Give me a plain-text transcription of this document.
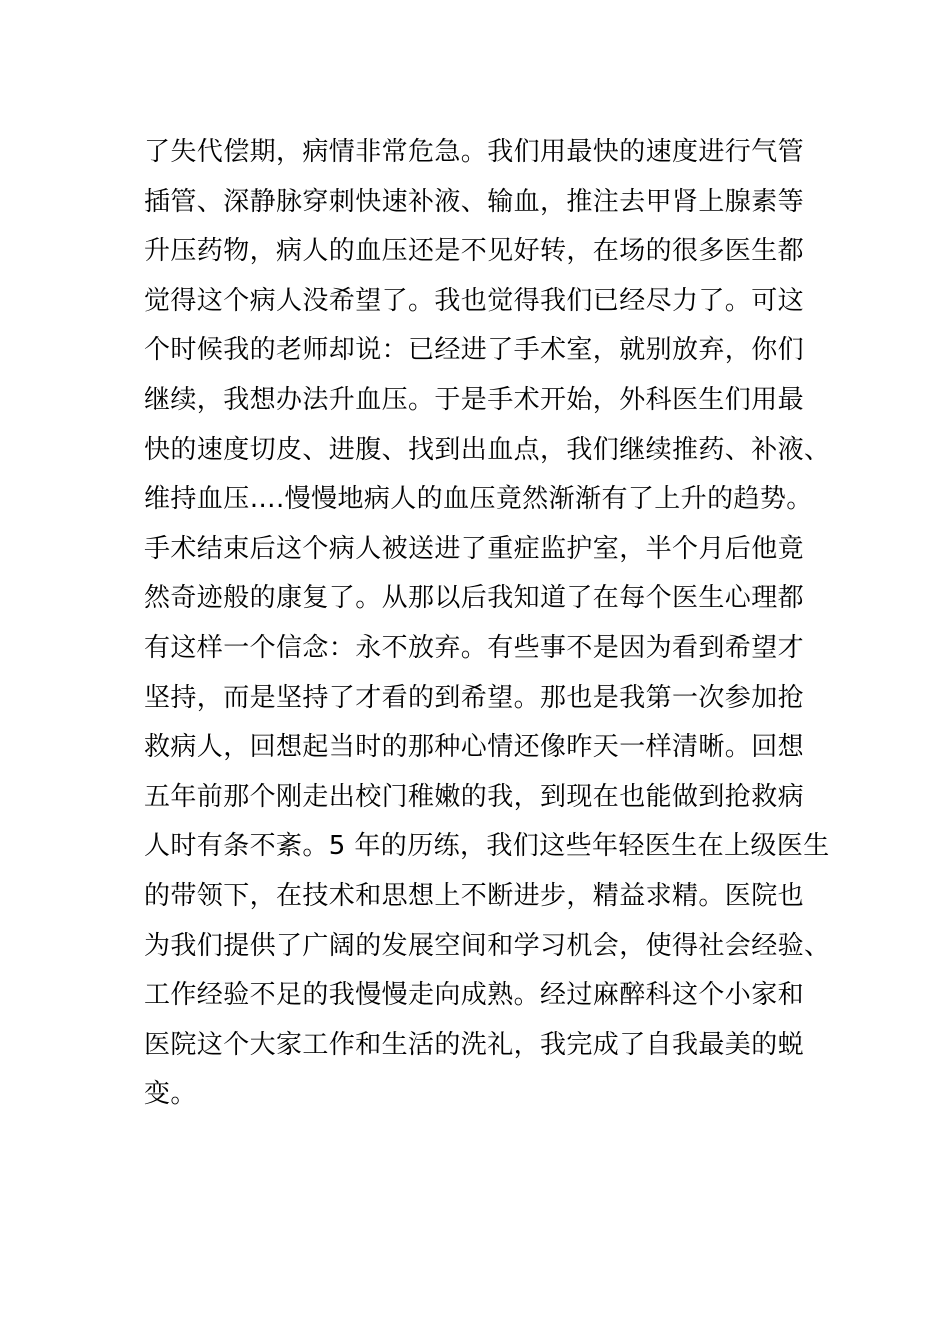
了失代偿期，病情非常危急。我们用最快的速度进行气管
插管、深静脉穿刺快速补液、输血，推注去甲肾上腺素等
升压药物，病人的血压还是不见好转，在场的很多医生都
觉得这个病人没希望了。我也觉得我们已经尽力了。可这
个时候我的老师却说：已经进了手术室，就别放弃，你们
继续，我想办法升血压。于是手术开始，外科医生们用最
快的速度切皮、进腹、找到出血点，我们继续推药、补液、
维持血压….慢慢地病人的血压竟然渐渐有了上升的趋势。
手术结束后这个病人被送进了重症监护室，半个月后他竟
然奇迹般的康复了。从那以后我知道了在每个医生心理都
有这样一个信念：永不放弃。有些事不是因为看到希望才
坚持，而是坚持了才看的到希望。那也是我第一次参加抢
救病人，回想起当时的那种心情还像昨天一样清晰。回想
五年前那个刚走出校门稚嫩的我，到现在也能做到抢救病
人时有条不紊。5 年的历练，我们这些年轻医生在上级医生
的带领下，在技术和思想上不断进步，精益求精。医院也
为我们提供了广阔的发展空间和学习机会，使得社会经验、
工作经验不足的我慢慢走向成熟。经过麻醉科这个小家和
医院这个大家工作和生活的洗礼，我完成了自我最美的蜕
变。
